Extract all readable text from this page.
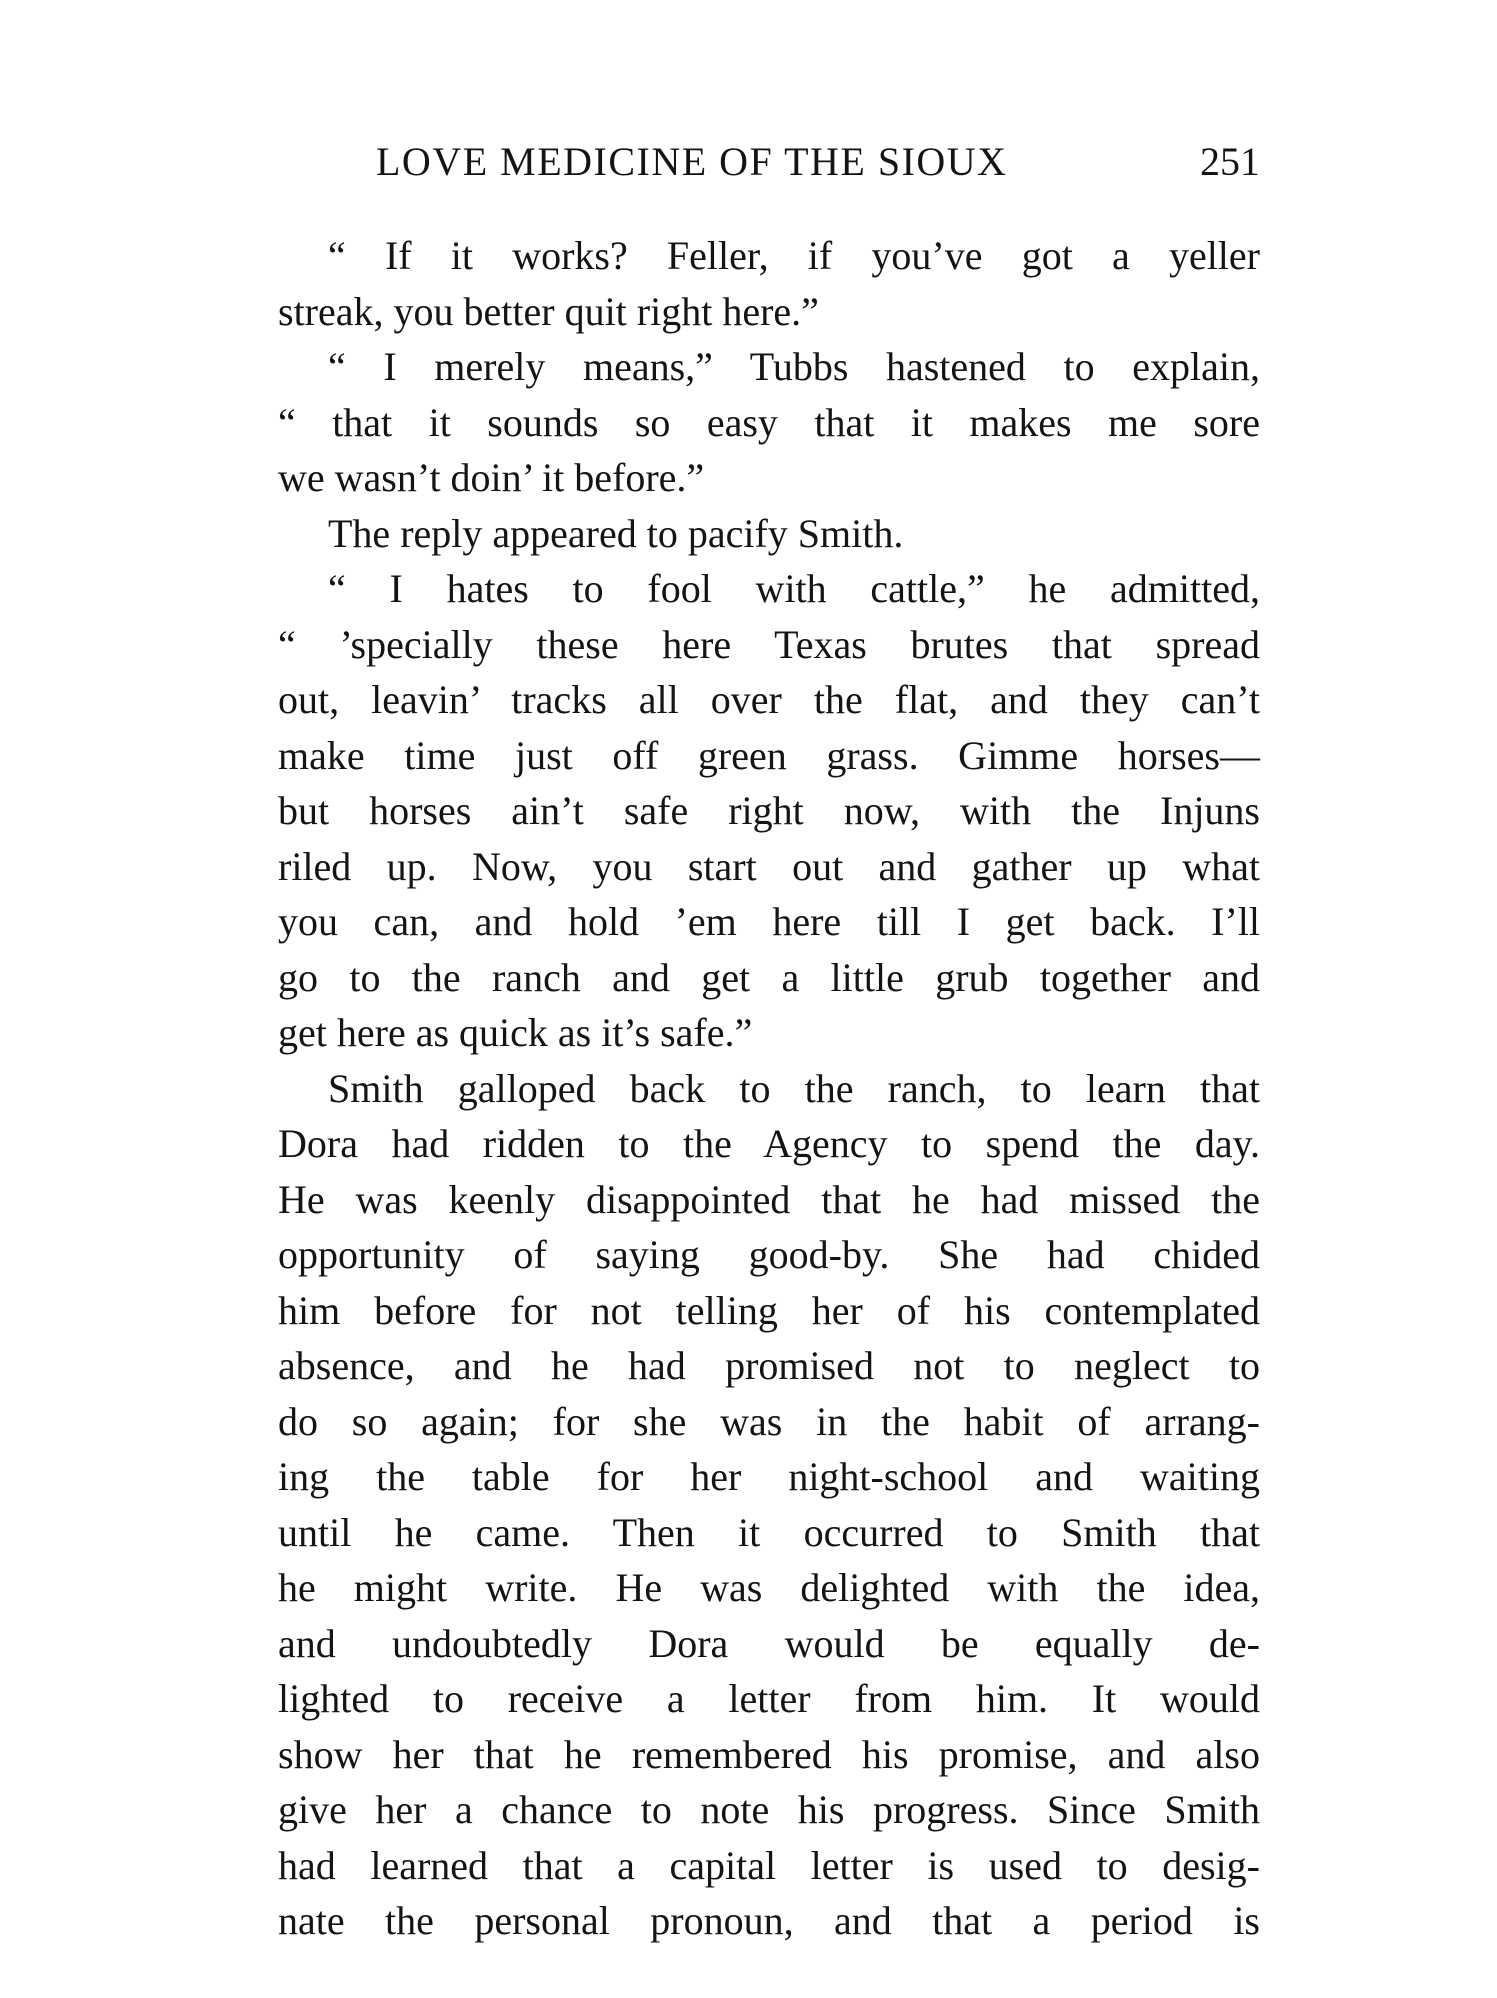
LOVE MEDICINE OF THE SIOUX	251
“ If it works? Feller, if you’ve got a yeller
streak, you better quit right here.”
“ I merely means,” Tubbs hastened to explain,
“ that it sounds so easy that it makes me sore
we wasn’t doin’ it before.”
The reply appeared to pacify Smith.
“ I hates to fool with cattle,” he admitted,
“ ’specially these here Texas brutes that spread
out, leavin’ tracks all over the flat, and they can’t
make time just off green grass. Gimme horses—
but horses ain’t safe right now, with the Injuns
riled up. Now, you start out and gather up what
you can, and hold ’em here till I get back. I’ll
go to the ranch and get a little grub together and
get here as quick as it’s safe.”
Smith galloped back to the ranch, to learn that
Dora had ridden to the Agency to spend the day.
He was keenly disappointed that he had missed the
opportunity of saying good-by. She had chided
him before for not telling her of his contemplated
absence, and he had promised not to neglect to
do so again; for she was in the habit of arrang-
ing the table for her night-school and waiting
until he came. Then it occurred to Smith that
he might write. He was delighted with the idea,
and undoubtedly Dora would be equally de-
lighted to receive a letter from him. It would
show her that he remembered his promise, and also
give her a chance to note his progress. Since Smith
had learned that a capital letter is used to desig-
nate the personal pronoun, and that a period is
